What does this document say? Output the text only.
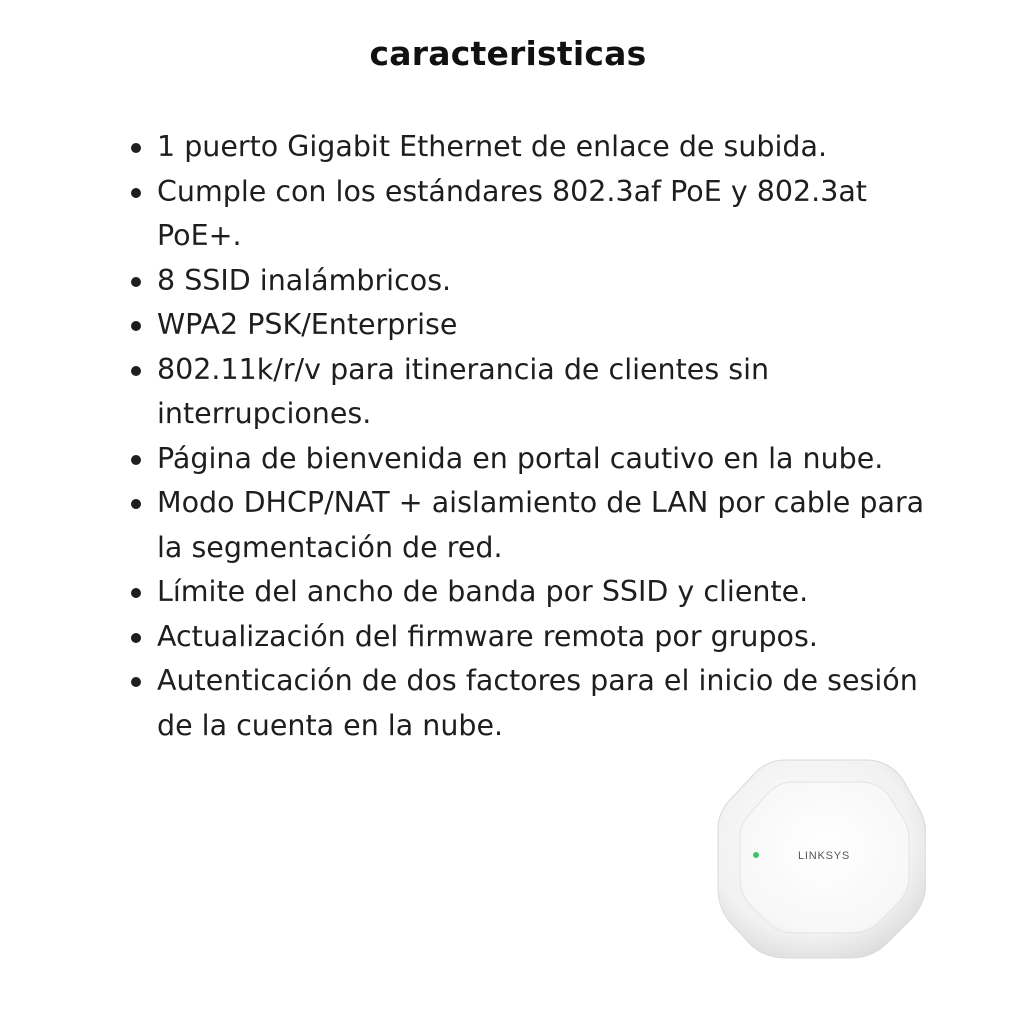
caracteristicas
1 puerto Gigabit Ethernet de enlace de subida.
Cumple con los estándares 802.3af PoE y 802.3at PoE+.
8 SSID inalámbricos.
WPA2 PSK/Enterprise
802.11k/r/v para itinerancia de clientes sin interrupciones.
Página de bienvenida en portal cautivo en la nube.
Modo DHCP/NAT + aislamiento de LAN por cable para la segmentación de red.
Límite del ancho de banda por SSID y cliente.
Actualización del firmware remota por grupos.
Autenticación de dos factores para el inicio de sesión de la cuenta en la nube.
LINKSYS
